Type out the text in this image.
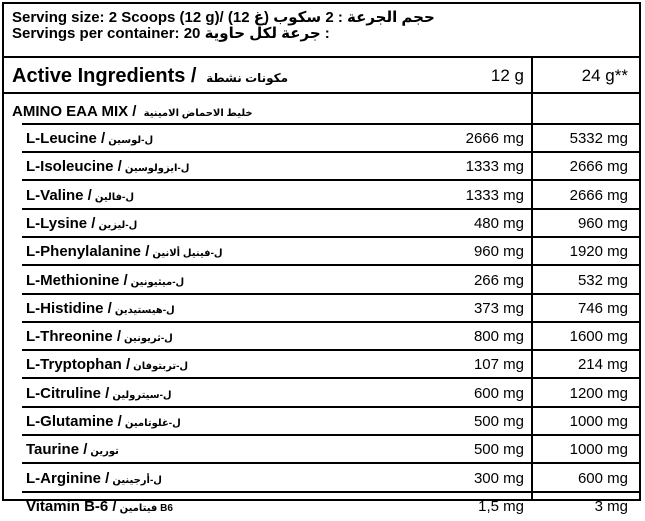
Serving size: 2 Scoops (12 g)/ (12 غ) حجم الجرعة : 2 سكوب
Servings per container: 20 جرعة لكل حاوية :
Active Ingredients / مكونات نشطة	12 g	24 g**
AMINO EAA MIX / خليط الاحماض الامينية
L-Leucine / ل-لوسين	2666 mg	5332 mg
L-Isoleucine / ل-ايزولوسين	1333 mg	2666 mg
L-Valine / ل-فالين	1333 mg	2666 mg
L-Lysine / ل-ليزين	480 mg	960 mg
L-Phenylalanine / ل-فينيل ألانين	960 mg	1920 mg
L-Methionine / ل-ميثيونين	266 mg	532 mg
L-Histidine / ل-هيستيدين	373 mg	746 mg
L-Threonine / ل-ثريونين	800 mg	1600 mg
L-Tryptophan / ل-تربتوفان	107 mg	214 mg
L-Citruline / ل-سيترولين	600 mg	1200 mg
L-Glutamine / ل-غلوتامين	500 mg	1000 mg
Taurine / تورين	500 mg	1000 mg
L-Arginine / ل-أرجينين	300 mg	600 mg
Vitamin B-6 / فيتامين B6	1,5 mg	3 mg
